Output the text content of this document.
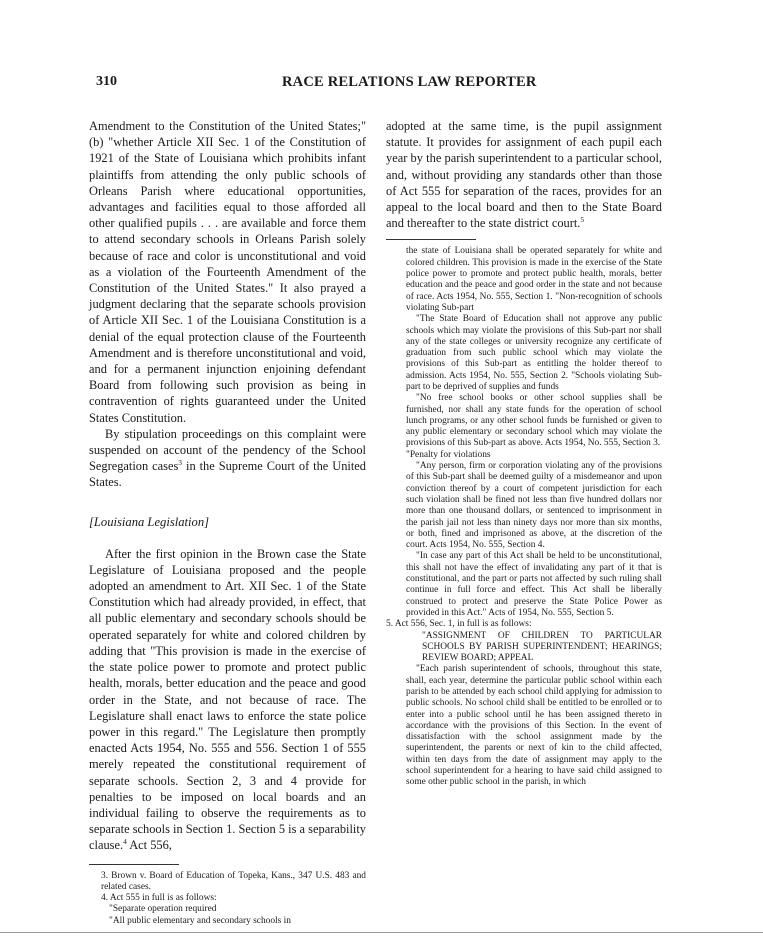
310	RACE RELATIONS LAW REPORTER

Amendment to the Constitution of the United States;" (b) "whether Article XII Sec. 1 of the Constitution of 1921 of the State of Louisiana which prohibits infant plaintiffs from attending the only public schools of Orleans Parish where educational opportunities, advantages and facilities equal to those afforded all other qualified pupils . . . are available and force them to attend secondary schools in Orleans Parish solely because of race and color is unconstitutional and void as a violation of the Fourteenth Amendment of the Constitution of the United States." It also prayed a judgment declaring that the separate schools provision of Article XII Sec. 1 of the Louisiana Constitution is a denial of the equal protection clause of the Fourteenth Amendment and is therefore unconstitutional and void, and for a permanent injunction enjoining defendant Board from following such provision as being in contravention of rights guaranteed under the United States Constitution.

By stipulation proceedings on this complaint were suspended on account of the pendency of the School Segregation cases$^3$ in the Supreme Court of the United States.

[Louisiana Legislation]

After the first opinion in the Brown case the State Legislature of Louisiana proposed and the people adopted an amendment to Art. XII Sec. 1 of the State Constitution which had already provided, in effect, that all public elementary and secondary schools should be operated separately for white and colored children by adding that "This provision is made in the exercise of the state police power to promote and protect public health, morals, better education and the peace and good order in the State, and not because of race. The Legislature shall enact laws to enforce the state police power in this regard." The Legislature then promptly enacted Acts 1954, No. 555 and 556. Section 1 of 555 merely repeated the constitutional requirement of separate schools. Section 2, 3 and 4 provide for penalties to be imposed on local boards and an individual failing to observe the requirements as to separate schools in Section 1. Section 5 is a separability clause.$^4$ Act 556,

3. Brown v. Board of Education of Topeka, Kans., 347 U.S. 483 and related cases.

4. Act 555 in full is as follows:

"Separate operation required

"All public elementary and secondary schools in

adopted at the same time, is the pupil assignment statute. It provides for assignment of each pupil each year by the parish superintendent to a particular school, and, without providing any standards other than those of Act 555 for separation of the races, provides for an appeal to the local board and then to the State Board and thereafter to the state district court.$^5$

the state of Louisiana shall be operated separately for white and colored children. This provision is made in the exercise of the State police power to promote and protect public health, morals, better education and the peace and good order in the state and not because of race. Acts 1954, No. 555, Section 1. "Non-recognition of schools violating Sub-part

"The State Board of Education shall not approve any public schools which may violate the provisions of this Sub-part nor shall any of the state colleges or university recognize any certificate of graduation from such public school which may violate the provisions of this Sub-part as entitling the holder thereof to admission. Acts 1954, No. 555, Section 2. "Schools violating Sub-part to be deprived of supplies and funds

"No free school books or other school supplies shall be furnished, nor shall any state funds for the operation of school lunch programs, or any other school funds be furnished or given to any public elementary or secondary school which may violate the provisions of this Sub-part as above. Acts 1954, No. 555, Section 3.

"Penalty for violations

"Any person, firm or corporation violating any of the provisions of this Sub-part shall be deemed guilty of a misdemeanor and upon conviction thereof by a court of competent jurisdiction for each such violation shall be fined not less than five hundred dollars nor more than one thousand dollars, or sentenced to imprisonment in the parish jail not less than ninety days nor more than six months, or both, fined and imprisoned as above, at the discretion of the court. Acts 1954, No. 555, Section 4.

"In case any part of this Act shall be held to be unconstitutional, this shall not have the effect of invalidating any part of it that is constitutional, and the part or parts not affected by such ruling shall continue in full force and effect. This Act shall be liberally construed to protect and preserve the State Police Power as provided in this Act." Acts of 1954, No. 555, Section 5.

5. Act 556, Sec. 1, in full is as follows:

"ASSIGNMENT OF CHILDREN TO PARTICULAR SCHOOLS BY PARISH SUPERINTENDENT; HEARINGS; REVIEW BOARD; APPEAL

"Each parish superintendent of schools, throughout this state, shall, each year, determine the particular public school within each parish to be attended by each school child applying for admission to public schools. No school child shall be entitled to be enrolled or to enter into a public school until he has been assigned thereto in accordance with the provisions of this Section. In the event of dissatisfaction with the school assignment made by the superintendent, the parents or next of kin to the child affected, within ten days from the date of assignment may apply to the school superintendent for a hearing to have said child assigned to some other public school in the parish, in which
